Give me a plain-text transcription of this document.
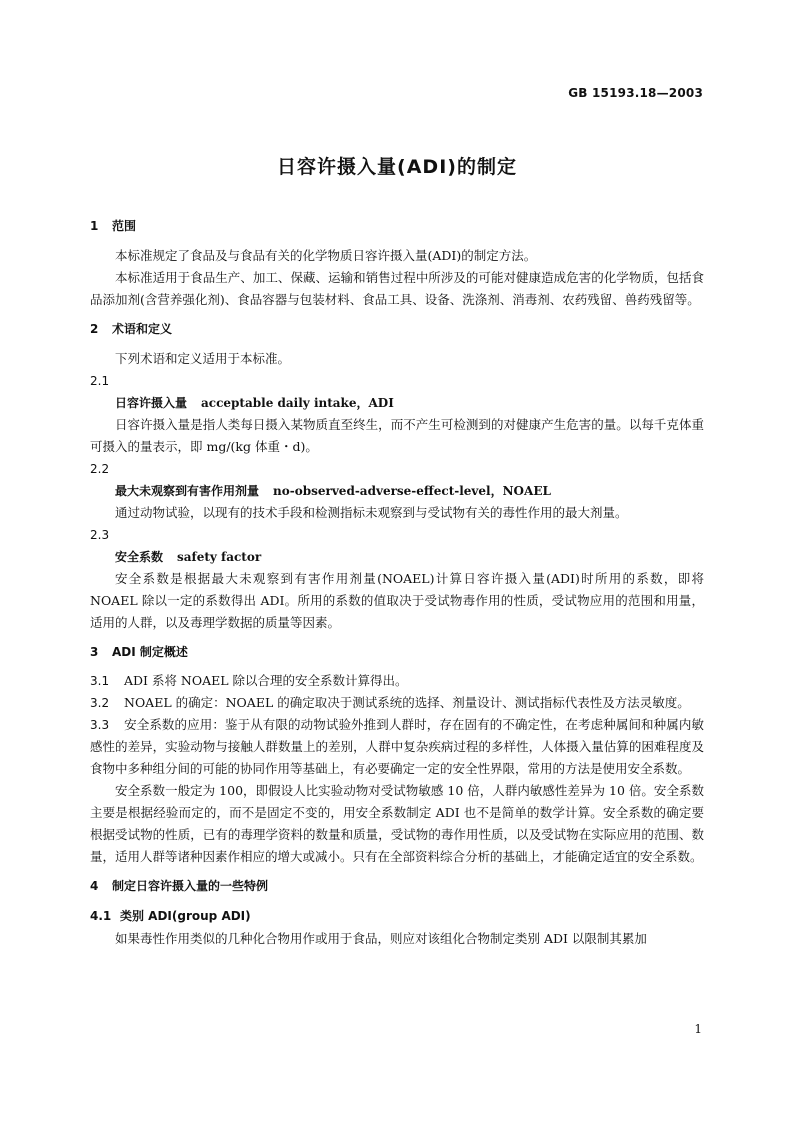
GB 15193.18—2003
日容许摄入量(ADI)的制定
1 范围

本标准规定了食品及与食品有关的化学物质日容许摄入量(ADI)的制定方法。

本标准适用于食品生产、加工、保藏、运输和销售过程中所涉及的可能对健康造成危害的化学物质，包括食品添加剂(含营养强化剂)、食品容器与包装材料、食品工具、设备、洗涤剂、消毒剂、农药残留、兽药残留等。

2 术语和定义

下列术语和定义适用于本标准。

2.1
日容许摄入量 acceptable daily intake，ADI

日容许摄入量是指人类每日摄入某物质直至终生，而不产生可检测到的对健康产生危害的量。以每千克体重可摄入的量表示，即 mg/(kg 体重・d)。

2.2
最大未观察到有害作用剂量 no-observed-adverse-effect-level，NOAEL

通过动物试验，以现有的技术手段和检测指标未观察到与受试物有关的毒性作用的最大剂量。

2.3
安全系数 safety factor

安全系数是根据最大未观察到有害作用剂量(NOAEL)计算日容许摄入量(ADI)时所用的系数，即将 NOAEL 除以一定的系数得出 ADI。所用的系数的值取决于受试物毒作用的性质，受试物应用的范围和用量，适用的人群，以及毒理学数据的质量等因素。

3 ADI 制定概述

3.1 ADI 系将 NOAEL 除以合理的安全系数计算得出。

3.2 NOAEL 的确定：NOAEL 的确定取决于测试系统的选择、剂量设计、测试指标代表性及方法灵敏度。

3.3 安全系数的应用：鉴于从有限的动物试验外推到人群时，存在固有的不确定性，在考虑种属间和种属内敏感性的差异，实验动物与接触人群数量上的差别，人群中复杂疾病过程的多样性，人体摄入量估算的困难程度及食物中多种组分间的可能的协同作用等基础上，有必要确定一定的安全性界限，常用的方法是使用安全系数。

安全系数一般定为 100，即假设人比实验动物对受试物敏感 10 倍，人群内敏感性差异为 10 倍。安全系数主要是根据经验而定的，而不是固定不变的，用安全系数制定 ADI 也不是简单的数学计算。安全系数的确定要根据受试物的性质，已有的毒理学资料的数量和质量，受试物的毒作用性质，以及受试物在实际应用的范围、数量，适用人群等诸种因素作相应的增大或减小。只有在全部资料综合分析的基础上，才能确定适宜的安全系数。

4 制定日容许摄入量的一些特例
4.1 类别 ADI(group ADI)

如果毒性作用类似的几种化合物用作或用于食品，则应对该组化合物制定类别 ADI 以限制其累加

1
